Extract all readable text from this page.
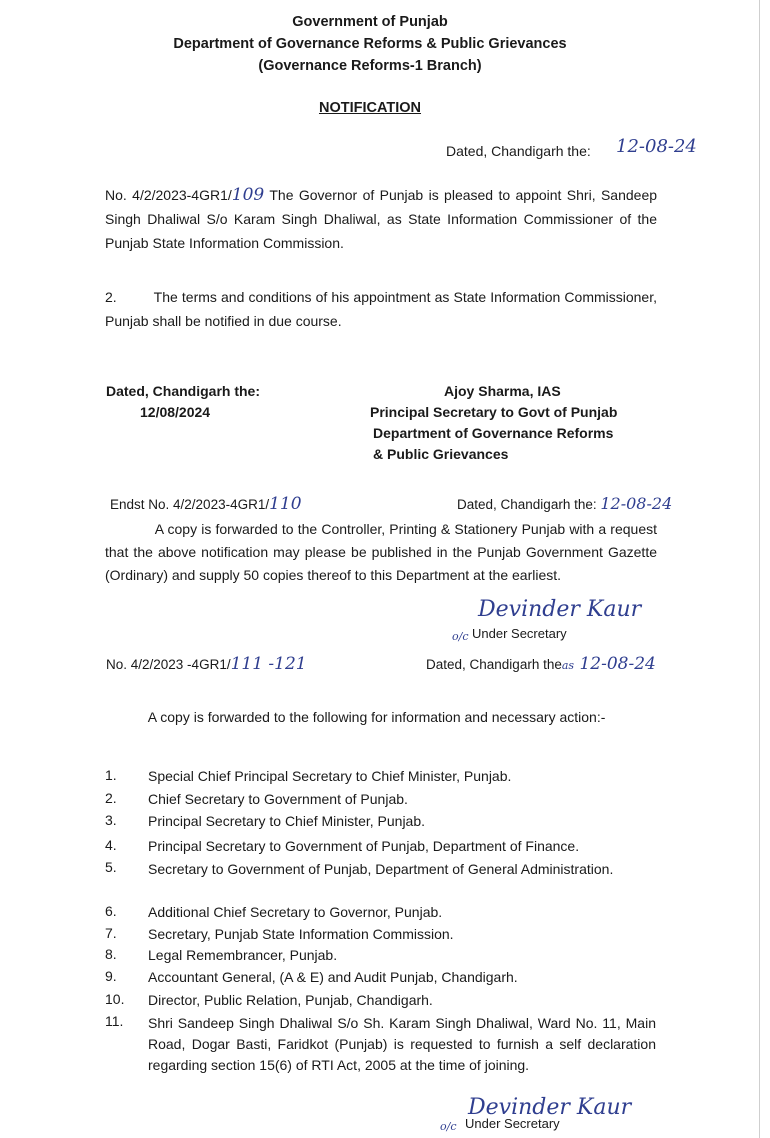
Government of Punjab
Department of Governance Reforms & Public Grievances
(Governance Reforms-1 Branch)
NOTIFICATION
Dated, Chandigarh the: 12-08-24
No. 4/2/2023-4GR1/109 The Governor of Punjab is pleased to appoint Shri, Sandeep Singh Dhaliwal S/o Karam Singh Dhaliwal, as State Information Commissioner of the Punjab State Information Commission.
2.	The terms and conditions of his appointment as State Information Commissioner, Punjab shall be notified in due course.
Dated, Chandigarh the:
12/08/2024
Ajoy Sharma, IAS
Principal Secretary to Govt of Punjab
Department of Governance Reforms
& Public Grievances
Endst No. 4/2/2023-4GR1/110	Dated, Chandigarh the: 12-08-24
A copy is forwarded to the Controller, Printing & Stationery Punjab with a request that the above notification may please be published in the Punjab Government Gazette (Ordinary) and supply 50 copies thereof to this Department at the earliest.
Devinder Kaur
o/c Under Secretary
No. 4/2/2023 -4GR1/111 -121	Dated, Chandigarh theas 12-08-24
A copy is forwarded to the following for information and necessary action:-
1. Special Chief Principal Secretary to Chief Minister, Punjab.
2. Chief Secretary to Government of Punjab.
3. Principal Secretary to Chief Minister, Punjab.
4. Principal Secretary to Government of Punjab, Department of Finance.
5. Secretary to Government of Punjab, Department of General Administration.
6. Additional Chief Secretary to Governor, Punjab.
7. Secretary, Punjab State Information Commission.
8. Legal Remembrancer, Punjab.
9. Accountant General, (A & E) and Audit Punjab, Chandigarh.
10. Director, Public Relation, Punjab, Chandigarh.
11. Shri Sandeep Singh Dhaliwal S/o Sh. Karam Singh Dhaliwal, Ward No. 11, Main Road, Dogar Basti, Faridkot (Punjab) is requested to furnish a self declaration regarding section 15(6) of RTI Act, 2005 at the time of joining.
Devinder Kaur
o/c Under Secretary
